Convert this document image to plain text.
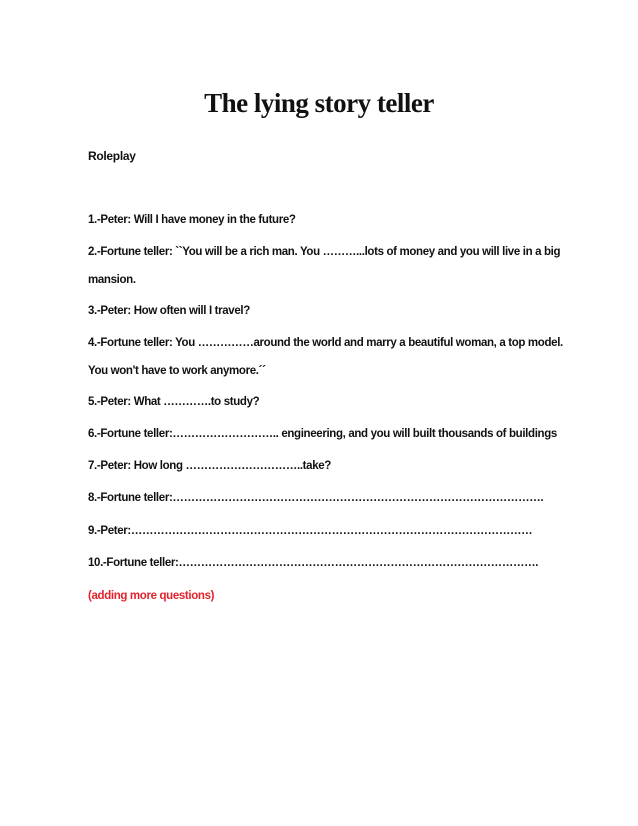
The lying story teller
Roleplay
1.-Peter: Will I have money in the future?
2.-Fortune teller: ``You will be a rich man. You ………...lots of money and you will live in a big
mansion.
3.-Peter: How often will I travel?
4.-Fortune teller: You ……………around the world and marry a beautiful woman, a top model.
You won't have to work anymore.´´
5.-Peter: What ………….to study?
6.-Fortune teller:……………………….. engineering, and you will built thousands of buildings
7.-Peter: How long …………………………..take?
8.-Fortune teller:……………………………………………………………………………………….
9.-Peter:………………………………………………………………………………………………
10.-Fortune teller:…………………………………………………………………………………….
(adding more questions)
